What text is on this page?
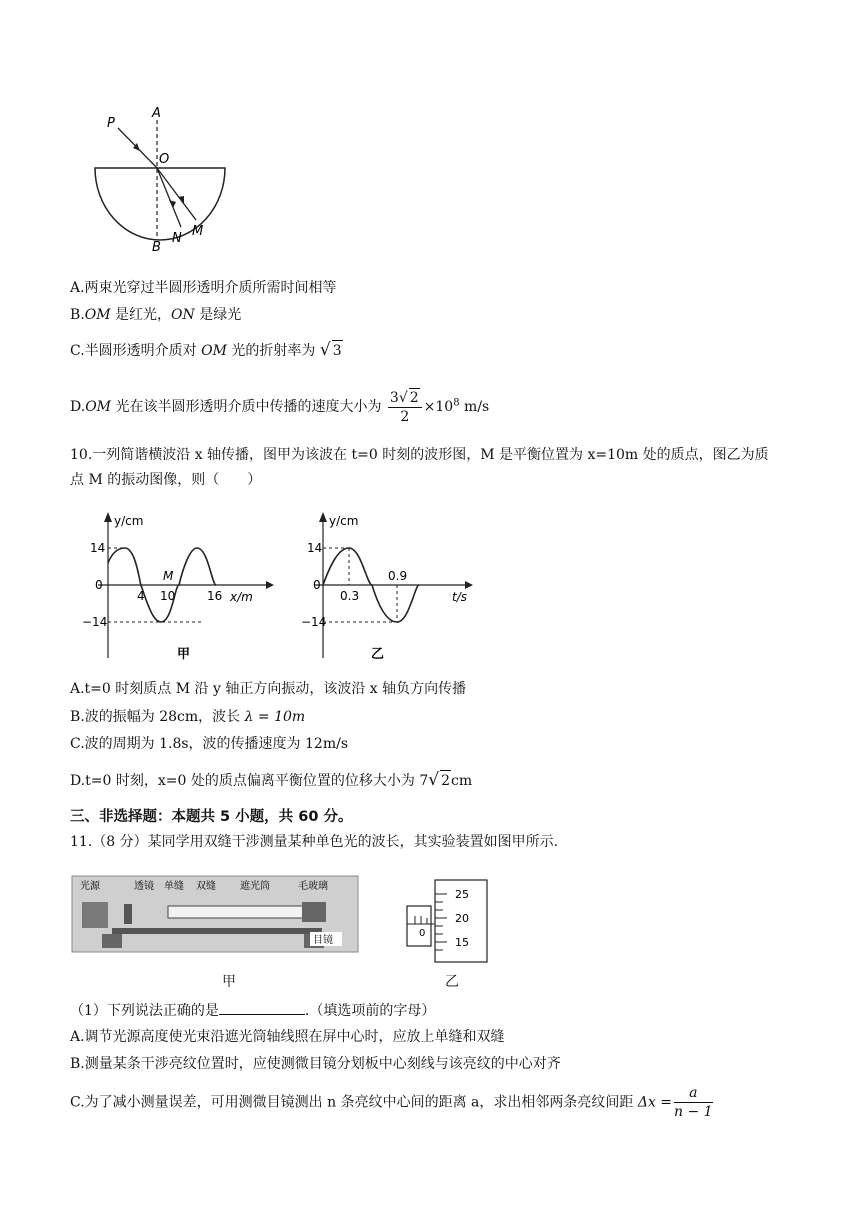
P
A
O
B
N M
A.两束光穿过半圆形透明介质所需时间相等
B.OM 是红光，ON 是绿光
C.半圆形透明介质对 OM 光的折射率为 √ 3
D.OM 光在该半圆形透明介质中传播的速度大小为 $\frac{3√ 2}{2} \times 10^8$ m/s
10.一列简谐横波沿 x 轴传播，图甲为该波在 t=0 时刻的波形图，M 是平衡位置为 x=10m 处的质点，图乙为质
点 M 的振动图像，则（　　）
y/cm
14
0
−14
4
M
10	16 x/m
甲
y/cm
14
0
−14
0.3
0.9
t/s
乙
A.t=0 时刻质点 M 沿 y 轴正方向振动，该波沿 x 轴负方向传播
B.波的振幅为 28cm，波长 λ = 10m
C.波的周期为 1.8s，波的传播速度为 12m/s
D.t=0 时刻，x=0 处的质点偏离平衡位置的位移大小为 7√ 2cm
三、非选择题：本题共 5 小题，共 60 分。
11.（8 分）某同学用双缝干涉测量某种单色光的波长，其实验装置如图甲所示.
光源	透镜 单缝 双缝 遮光筒	毛玻璃
目镜
0
25
20
15
甲	乙
（1）下列说法正确的是	.（填选项前的字母）
A.调节光源高度使光束沿遮光筒轴线照在屏中心时，应放上单缝和双缝
B.测量某条干涉亮纹位置时，应使测微目镜分划板中心刻线与该亮纹的中心对齐
C.为了减小测量误差，可用测微目镜测出 n 条亮纹中心间的距离 a，求出相邻两条亮纹间距 $\Delta x = \frac{a}{n - 1}$
